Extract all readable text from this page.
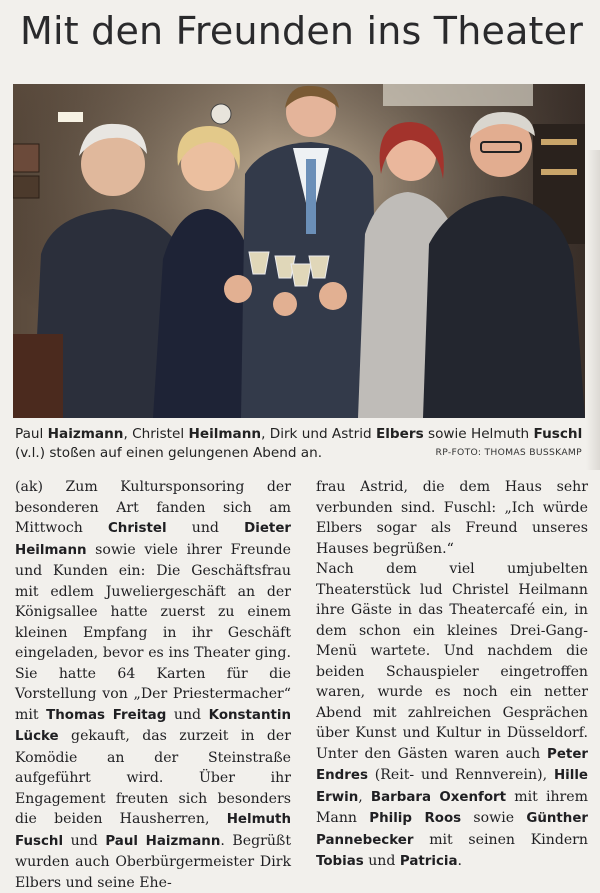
Mit den Freunden ins Theater
Paul Haizmann, Christel Heilmann, Dirk und Astrid Elbers sowie Helmuth Fuschl (v.l.) stoßen auf einen gelungenen Abend an.	RP-FOTO: THOMAS BUSSKAMP

(ak) Zum Kultursponsoring der besonderen Art fanden sich am Mittwoch Christel und Dieter Heilmann sowie viele ihrer Freunde und Kunden ein: Die Geschäftsfrau mit edlem Juweliergeschäft an der Königsallee hatte zuerst zu einem kleinen Empfang in ihr Geschäft eingeladen, bevor es ins Theater ging. Sie hatte 64 Karten für die Vorstellung von „Der Priestermacher“ mit Thomas Freitag und Konstantin Lücke gekauft, das zurzeit in der Komödie an der Steinstraße aufgeführt wird. Über ihr Engagement freuten sich besonders die beiden Hausherren, Helmuth Fuschl und Paul Haizmann. Begrüßt wurden auch Oberbürgermeister Dirk Elbers und seine Ehe-

frau Astrid, die dem Haus sehr verbunden sind. Fuschl: „Ich würde Elbers sogar als Freund unseres Hauses begrüßen.“

Nach dem viel umjubelten Theaterstück lud Christel Heilmann ihre Gäste in das Theatercafé ein, in dem schon ein kleines Drei-Gang-Menü wartete. Und nachdem die beiden Schauspieler eingetroffen waren, wurde es noch ein netter Abend mit zahlreichen Gesprächen über Kunst und Kultur in Düsseldorf. Unter den Gästen waren auch Peter Endres (Reit- und Rennverein), Hille Erwin, Barbara Oxenfort mit ihrem Mann Philip Roos sowie Günther Pannebecker mit seinen Kindern Tobias und Patricia.
